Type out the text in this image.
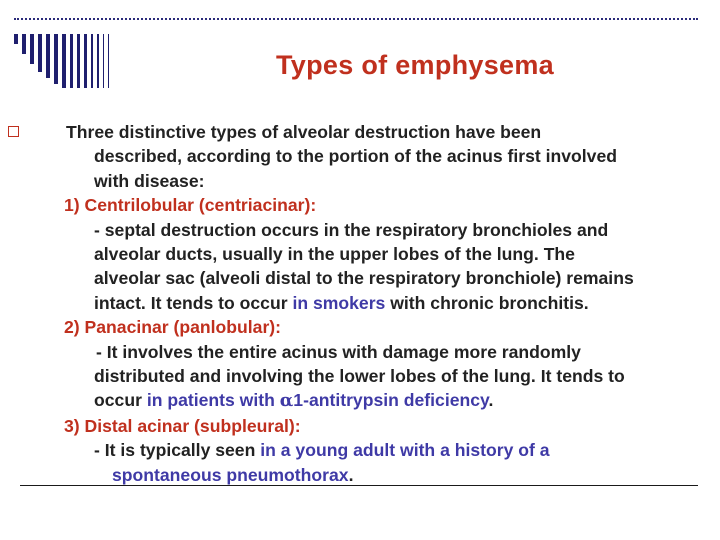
Types of emphysema
Three distinctive types of alveolar destruction have been
described, according to the portion of the acinus first involved
with disease:
1) Centrilobular (centriacinar):
- septal destruction occurs in the respiratory bronchioles and
alveolar ducts, usually in the upper lobes of the lung. The
alveolar sac (alveoli distal to the respiratory bronchiole) remains
intact. It tends to occur in smokers with chronic bronchitis.
2) Panacinar (panlobular):
- It involves the entire acinus with damage more randomly
distributed and involving the lower lobes of the lung. It tends to
occur in patients with α1-antitrypsin deficiency.
3) Distal acinar (subpleural):
- It is typically seen in a young adult with a history of a
spontaneous pneumothorax.
